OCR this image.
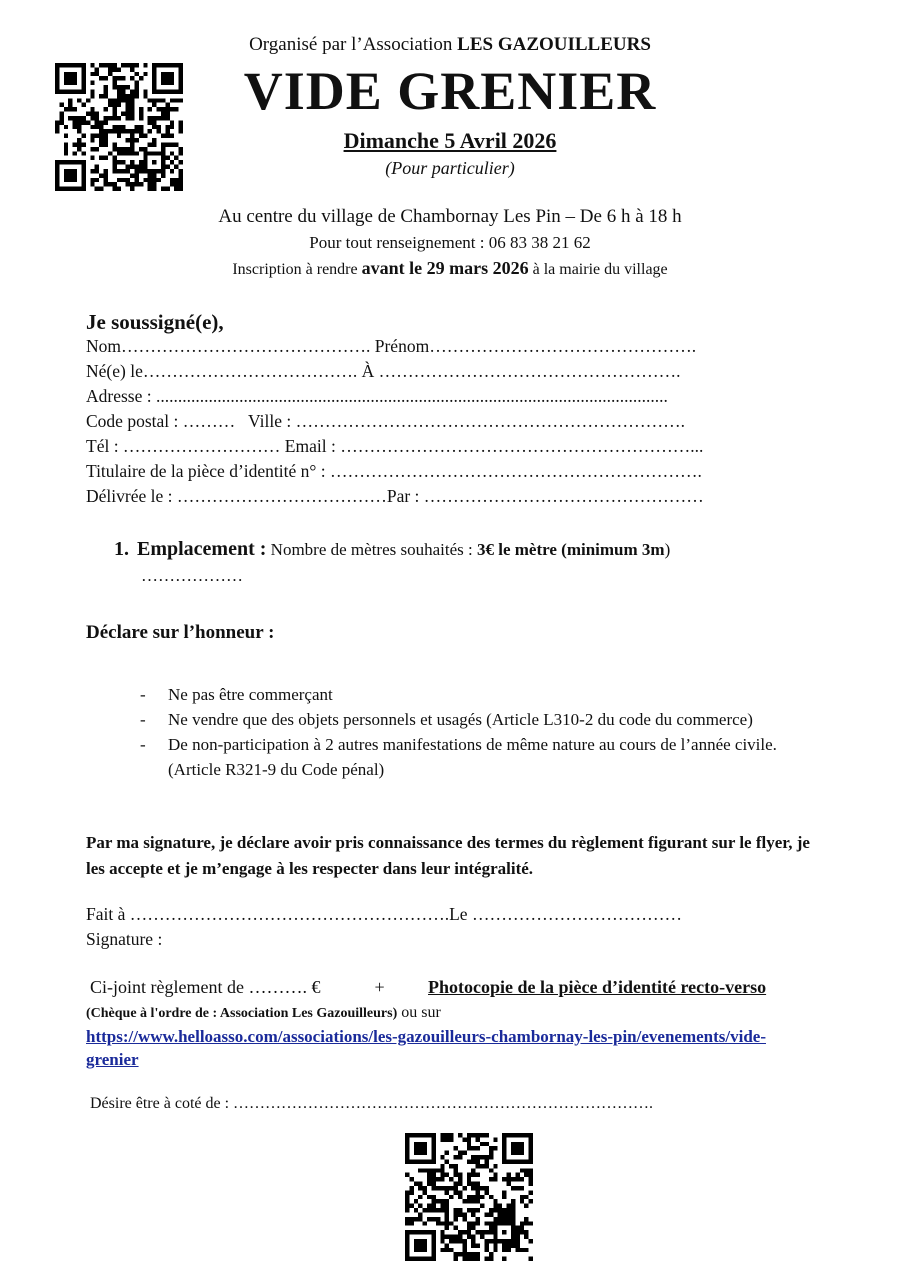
Organisé par l’Association LES GAZOUILLEURS
VIDE GRENIER
Dimanche 5 Avril 2026
(Pour particulier)
Au centre du village de Chambornay Les Pin – De 6 h à 18 h
Pour tout renseignement : 06 83 38 21 62
Inscription à rendre avant le 29 mars 2026 à la mairie du village
Je soussigné(e),
Nom……………………………………. Prénom……………………………………….
Né(e) le………………………………. À …………………………………………….
Adresse : .....................................................................................................................
Code postal : ………   Ville : ………………………………………………………….
Tél : ……………………… Email : ……………………………………………………...
Titulaire de la pièce d’identité n° : ……………………………………………………….
Délivrée le : ………………………………Par : …………………………………………
1. Emplacement : Nombre de mètres souhaités : 3€ le mètre (minimum 3m)
………………
Déclare sur l’honneur :
- Ne pas être commerçant
- Ne vendre que des objets personnels et usagés (Article L310-2 du code du commerce)
- De non-participation à 2 autres manifestations de même nature au cours de l’année civile. (Article R321-9 du Code pénal)
Par ma signature, je déclare avoir pris connaissance des termes du règlement figurant sur le flyer, je les accepte et je m’engage à les respecter dans leur intégralité.
Fait à ……………………………………………….Le ………………………………
Signature :
Ci-joint règlement de ………. €            + Photocopie de la pièce d’identité recto-verso
(Chèque à l'ordre de : Association Les Gazouilleurs) ou sur
https://www.helloasso.com/associations/les-gazouilleurs-chambornay-les-pin/evenements/vide-grenier
Désire être à coté de : …………………………………………………………………….
